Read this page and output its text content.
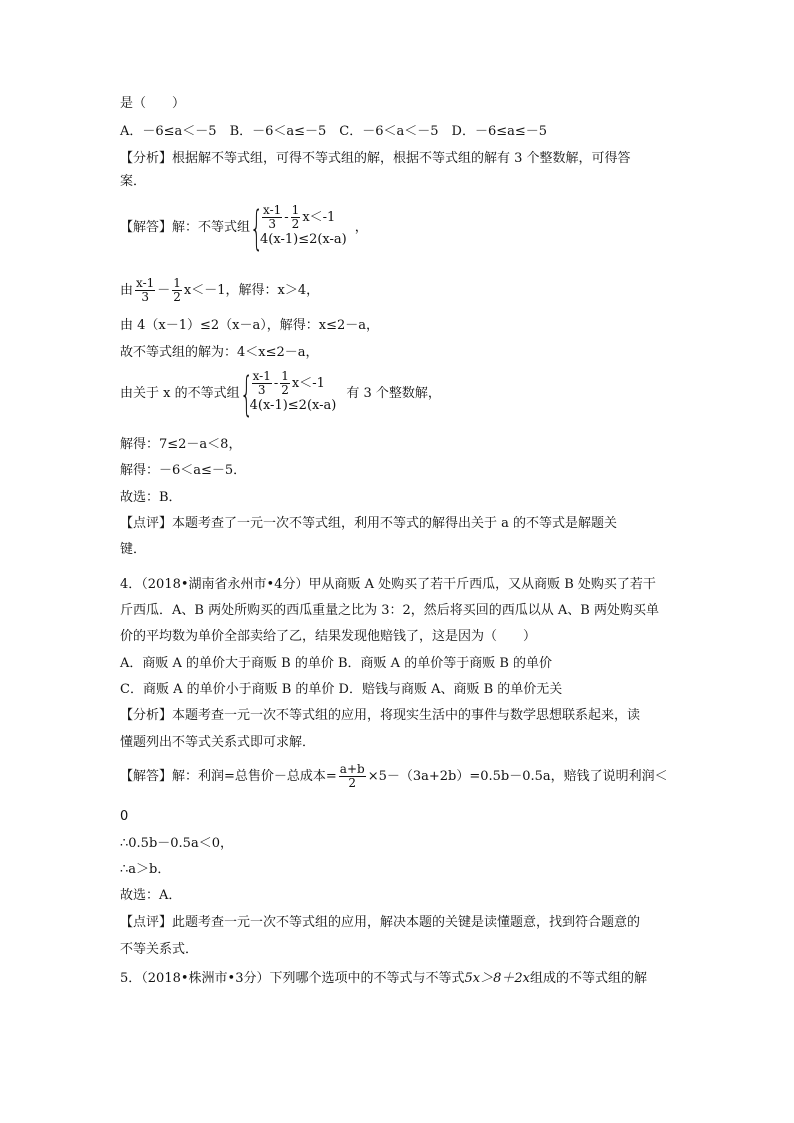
是（　　）
A．－6≤a＜－5　B．－6＜a≤－5　C．－6＜a＜－5　D．－6≤a≤－5
【分析】根据解不等式组，可得不等式组的解，根据不等式组的解有 3 个整数解，可得答
案．
【解答】解：不等式组 {
$\frac{x-1}{3} - \frac{1}{2} x<-1$
4(x-1)≤2(x-a)
，
由 $\frac{x-1}{3} - \frac{1}{2} x<-1$，解得：x＞4，
由 4（x－1）≤2（x－a），解得：x≤2－a，
故不等式组的解为：4＜x≤2－a，
由关于 x 的不等式组 {
$\frac{x-1}{3} - \frac{1}{2} x<-1$
4(x-1)≤2(x-a)
有 3 个整数解，
解得：7≤2－a＜8，
解得：－6＜a≤－5．
故选：B．
【点评】本题考查了一元一次不等式组，利用不等式的解得出关于 a 的不等式是解题关
键．
4．（2018•湖南省永州市•4分）甲从商贩 A 处购买了若干斤西瓜，又从商贩 B 处购买了若干
斤西瓜．A、B 两处所购买的西瓜重量之比为 3：2，然后将买回的西瓜以从 A、B 两处购买单
价的平均数为单价全部卖给了乙，结果发现他赔钱了，这是因为（　　）
A．商贩 A 的单价大于商贩 B 的单价 B．商贩 A 的单价等于商贩 B 的单价
C．商贩 A 的单价小于商贩 B 的单价 D．赔钱与商贩 A、商贩 B 的单价无关
【分析】本题考查一元一次不等式组的应用，将现实生活中的事件与数学思想联系起来，读
懂题列出不等式关系式即可求解．
【解答】解：利润=总售价－总成本= $\frac{a+b}{2} \times 5-(3a+2b)=0.5b-0.5a$，赔钱了说明利润＜
0
∴0.5b－0.5a＜0，
∴a＞b．
故选：A．
【点评】此题考查一元一次不等式组的应用，解决本题的关键是读懂题意，找到符合题意的
不等关系式．
5．（2018•株洲市•3分）下列哪个选项中的不等式与不等式5x＞8＋2x组成的不等式组的解
